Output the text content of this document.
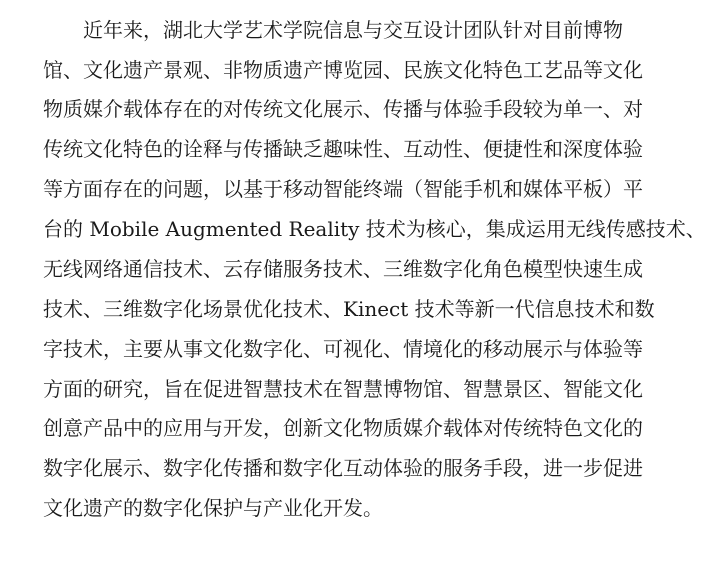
近年来，湖北大学艺术学院信息与交互设计团队针对目前博物
馆、文化遗产景观、非物质遗产博览园、民族文化特色工艺品等文化
物质媒介载体存在的对传统文化展示、传播与体验手段较为单一、对
传统文化特色的诠释与传播缺乏趣味性、互动性、便捷性和深度体验
等方面存在的问题，以基于移动智能终端（智能手机和媒体平板）平
台的 Mobile Augmented Reality 技术为核心，集成运用无线传感技术、
无线网络通信技术、云存储服务技术、三维数字化角色模型快速生成
技术、三维数字化场景优化技术、Kinect 技术等新一代信息技术和数
字技术，主要从事文化数字化、可视化、情境化的移动展示与体验等
方面的研究，旨在促进智慧技术在智慧博物馆、智慧景区、智能文化
创意产品中的应用与开发，创新文化物质媒介载体对传统特色文化的
数字化展示、数字化传播和数字化互动体验的服务手段，进一步促进
文化遗产的数字化保护与产业化开发。
